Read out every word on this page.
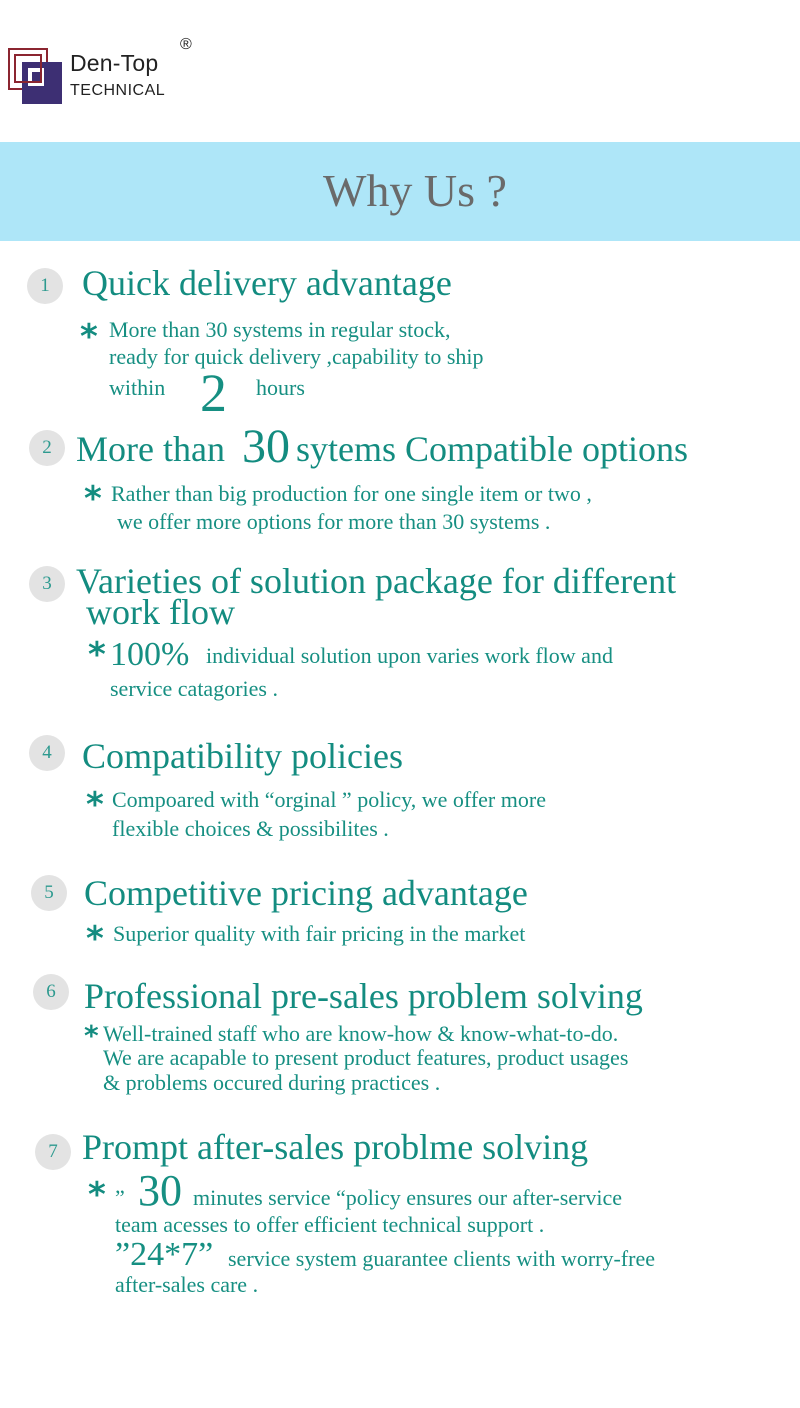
Den-Top
®
TECHNICAL
Why Us ?
1 Quick delivery advantage
* More than 30 systems in regular stock,
ready for quick delivery ,capability to ship
within 2 hours
2 More than 30 sytems Compatible options
* Rather than big production for one single item or two ,
we offer more options for more than 30 systems .
3 Varieties of solution package for different
work flow
* 100% individual solution upon varies work flow and
service catagories .
4 Compatibility policies
* Compoared with “orginal ” policy, we offer more
flexible choices & possibilites .
5 Competitive pricing advantage
* Superior quality with fair pricing in the market
6 Professional pre-sales problem solving
* Well-trained staff who are know-how & know-what-to-do.
We are acapable to present product features, product usages
& problems occured during practices .
7 Prompt after-sales problme solving
* ” 30 minutes service “policy ensures our after-service
team acesses to offer efficient technical support .
”24*7” service system guarantee clients with worry-free
after-sales care .
